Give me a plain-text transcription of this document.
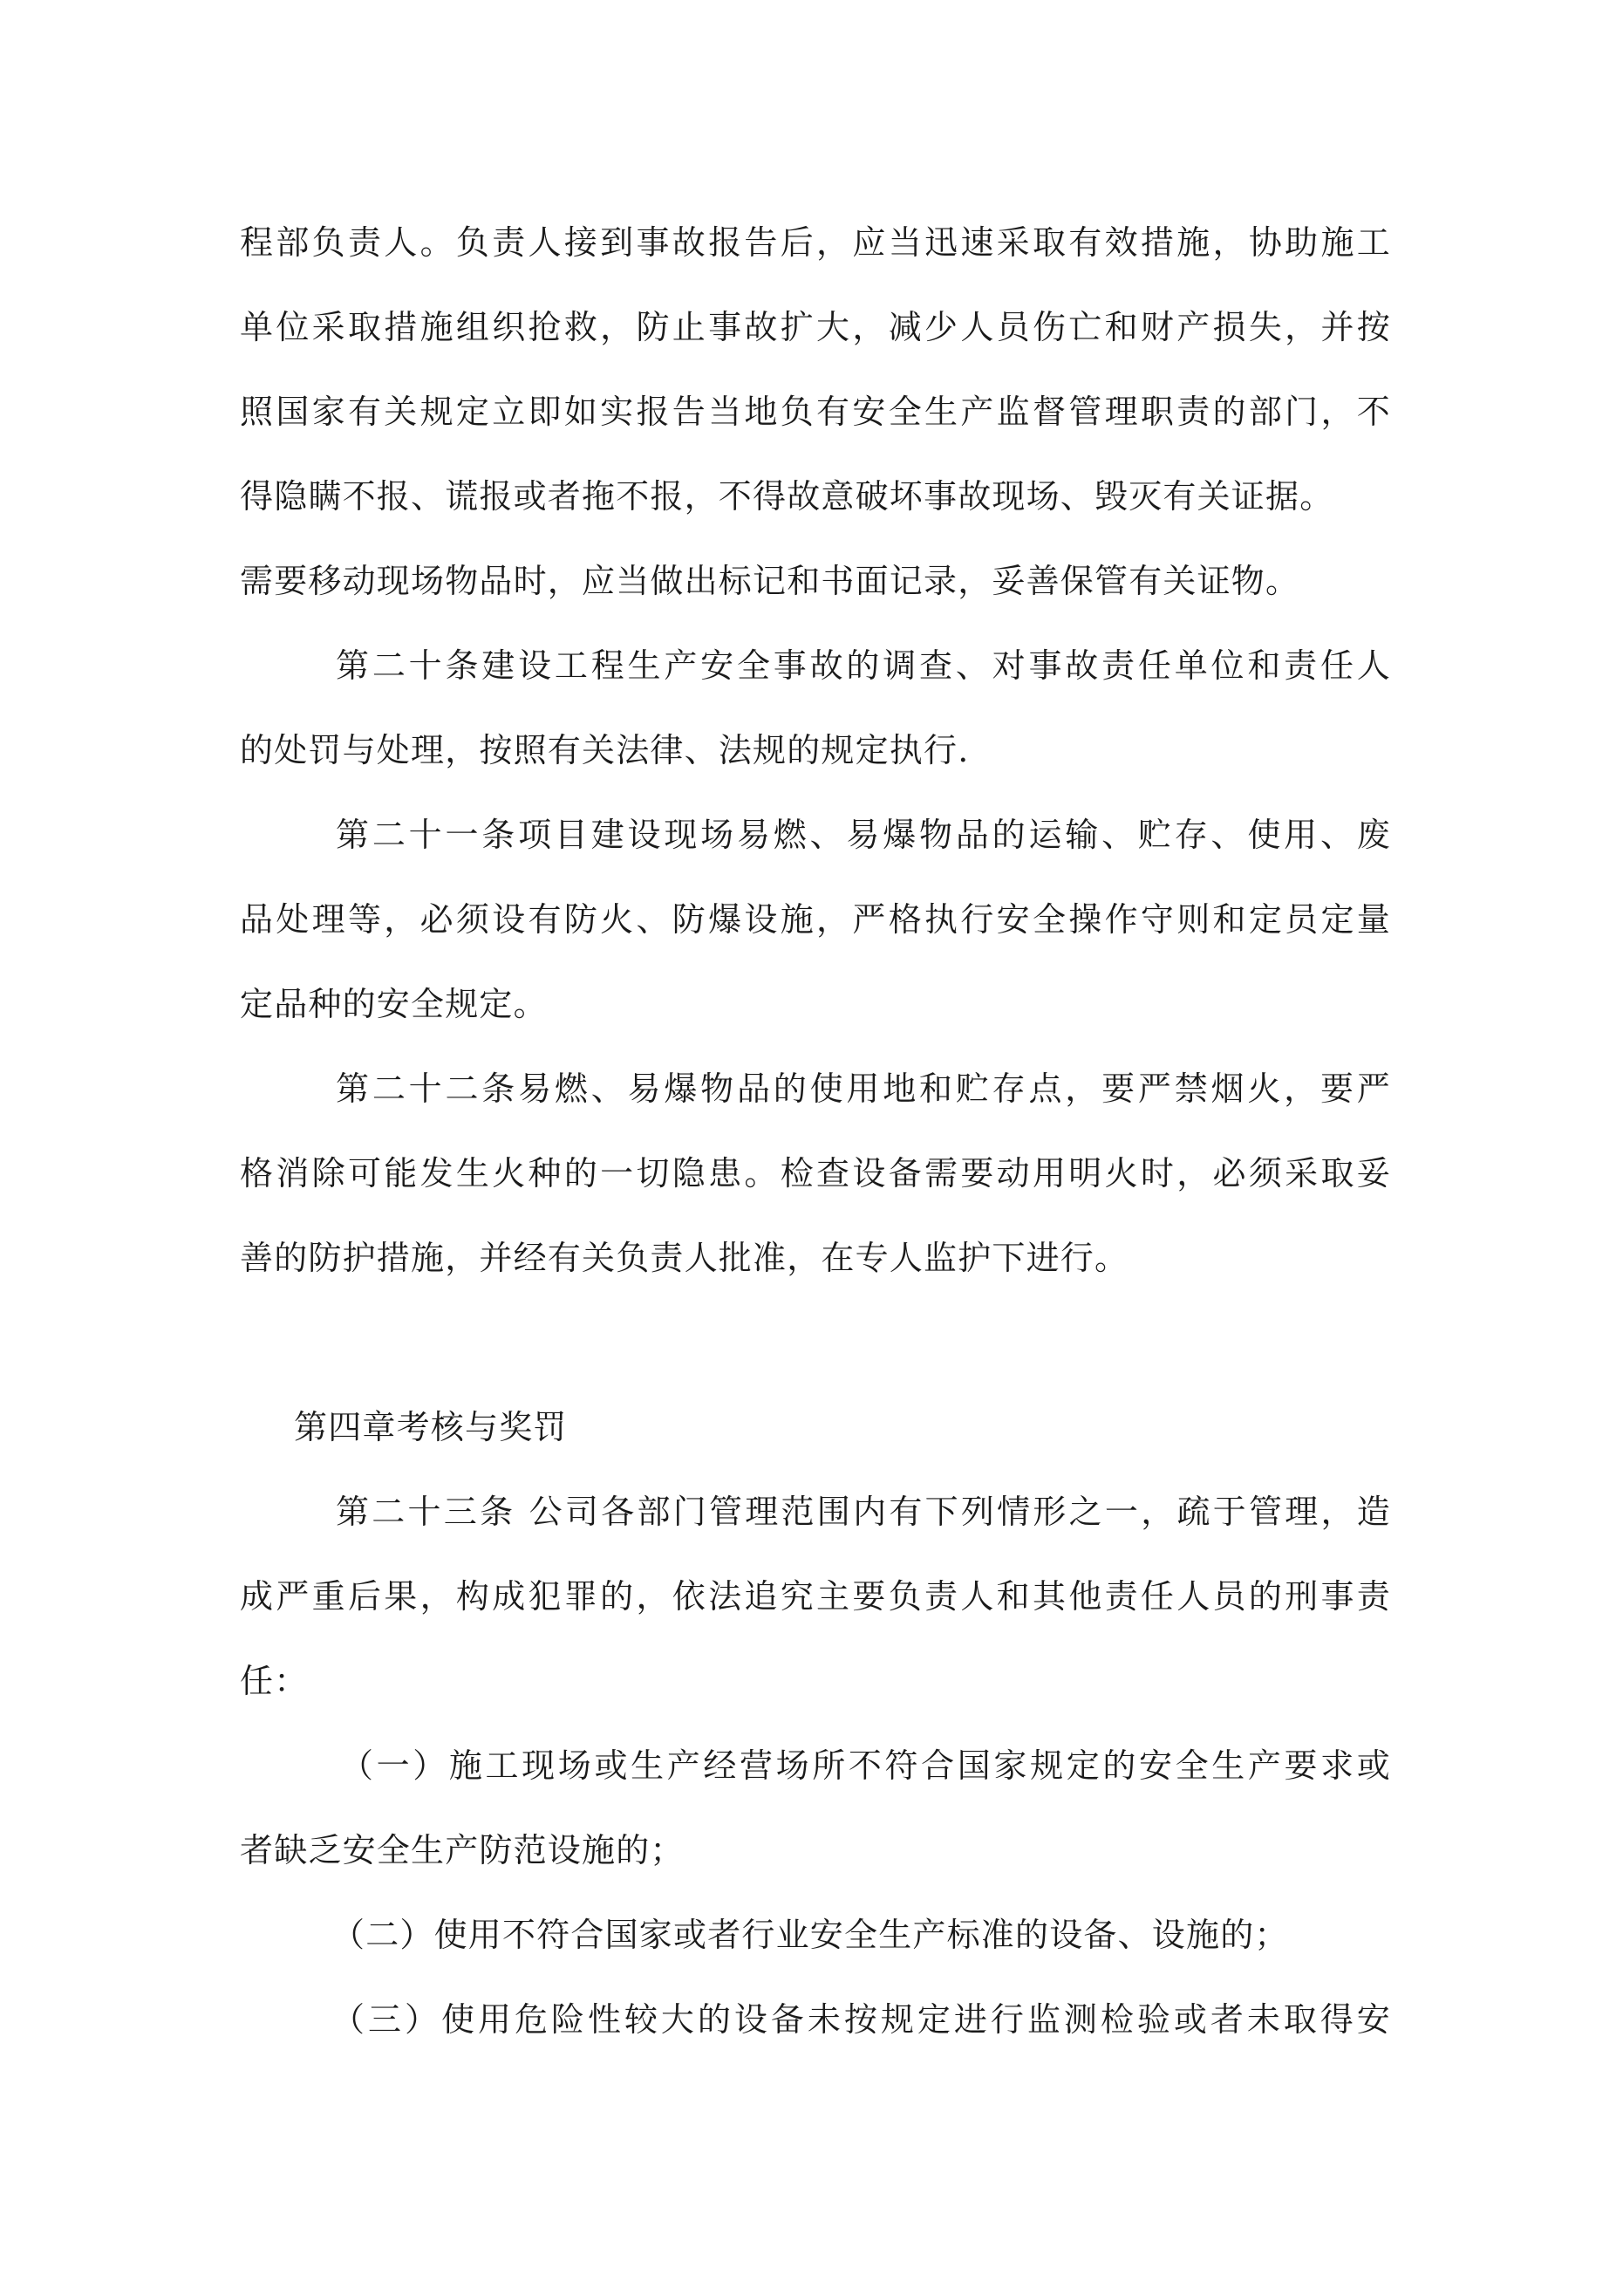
程部负责人。负责人接到事故报告后，应当迅速采取有效措施，协助施工
单位采取措施组织抢救，防止事故扩大，减少人员伤亡和财产损失，并按
照国家有关规定立即如实报告当地负有安全生产监督管理职责的部门，不
得隐瞒不报、谎报或者拖不报，不得故意破坏事故现场、毁灭有关证据。
需要移动现场物品时，应当做出标记和书面记录，妥善保管有关证物。
第二十条建设工程生产安全事故的调查、对事故责任单位和责任人
的处罚与处理，按照有关法律、法规的规定执行.
第二十一条项目建设现场易燃、易爆物品的运输、贮存、使用、废
品处理等，必须设有防火、防爆设施，严格执行安全操作守则和定员定量
定品种的安全规定。
第二十二条易燃、易爆物品的使用地和贮存点，要严禁烟火，要严
格消除可能发生火种的一切隐患。检查设备需要动用明火时，必须采取妥
善的防护措施，并经有关负责人批准，在专人监护下进行。
第四章考核与奖罚
第二十三条 公司各部门管理范围内有下列情形之一，疏于管理，造
成严重后果，构成犯罪的，依法追究主要负责人和其他责任人员的刑事责
任：
（一）施工现场或生产经营场所不符合国家规定的安全生产要求或
者缺乏安全生产防范设施的；
（二）使用不符合国家或者行业安全生产标准的设备、设施的；
（三）使用危险性较大的设备未按规定进行监测检验或者未取得安
